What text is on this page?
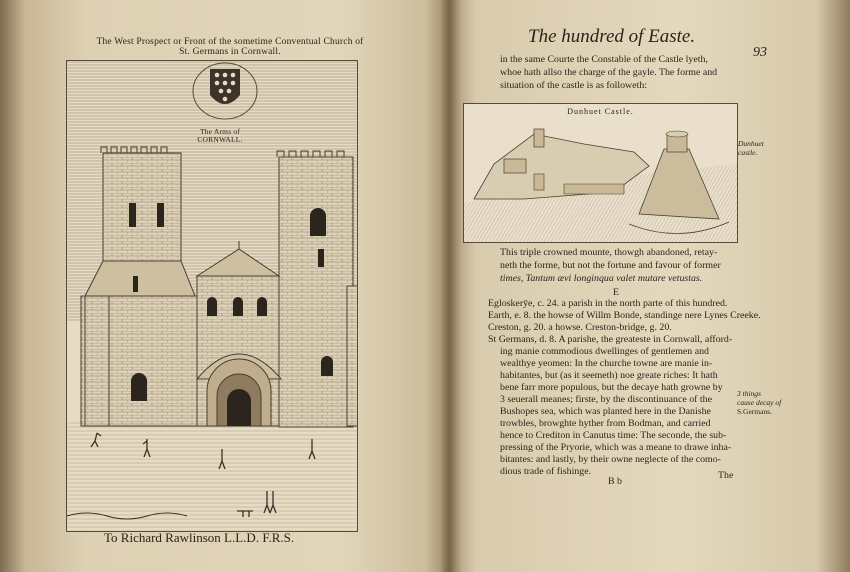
The West Prospect or Front of the sometime Conventual Church of
St. Germans in Cornwall.
The Arms of
CORNWALL.
To Richard Rawlinson L.L.D. F.R.S.
The hundred of Easte.
93
in the same Courte the Constable of the Castle lyeth,
whoe hath allso the charge of the gayle. The forme and
situation of the castle is as followeth:
Dunhuet Castle.
Dunhuet
castle.
This triple crowned mounte, thowgh abandoned, retay-
neth the forme, but not the fortune and favour of former
times, Tantum ævi longinqua valet mutare vetustas.
E
Egloskerȳe, c. 24. a parish in the north parte of this hundred.
Earth, e. 8. the howse of Willm Bonde, standinge nere Lynes Creeke.
Creston, g. 20. a howse. Creston-bridge, g. 20.
St Germans, d. 8. A parishe, the greateste in Cornwall, afford-
ing manie commodious dwellinges of gentlemen and
wealthye yeomen: In the churche towne are manie in-
habitantes, but (as it seemeth) noe greate riches: It hath
bene farr more populous, but the decaye hath growne by
3 seuerall meanes; firste, by the discontinuance of the
Bushopes sea, which was planted here in the Danishe
trowbles, browghte hyther from Bodman, and carried
hence to Crediton in Canutus time: The seconde, the sub-
pressing of the Pryorie, which was a meane to drawe inha-
bitantes: and lastly, by their owne neglecte of the como-
dious trade of fishinge.
3 things
cause decay of
S.Germans.
B b
The
